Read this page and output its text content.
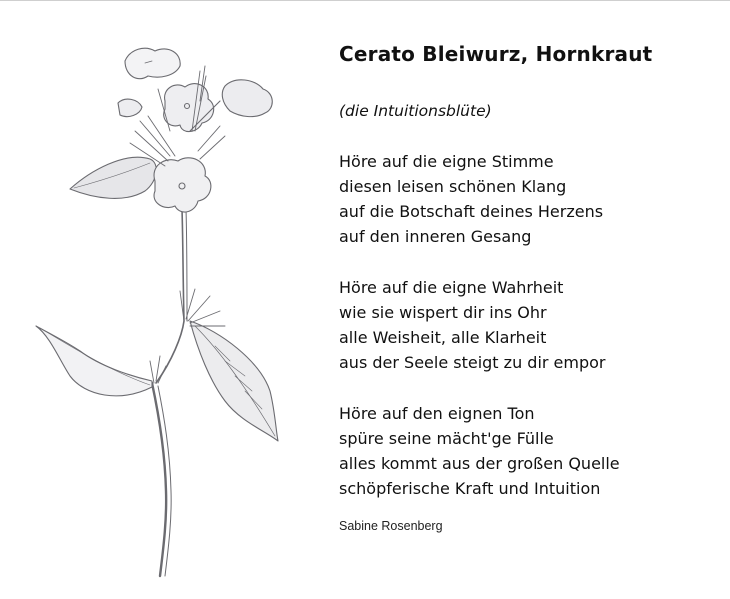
Cerato Bleiwurz, Hornkraut

(die Intuitionsblüte)

Höre auf die eigne Stimme
diesen leisen schönen Klang
auf die Botschaft deines Herzens
auf den inneren Gesang
Höre auf die eigne Wahrheit
wie sie wispert dir ins Ohr
alle Weisheit, alle Klarheit
aus der Seele steigt zu dir empor
Höre auf den eignen Ton
spüre seine mächt'ge Fülle
alles kommt aus der großen Quelle
schöpferische Kraft und Intuition
Sabine Rosenberg
